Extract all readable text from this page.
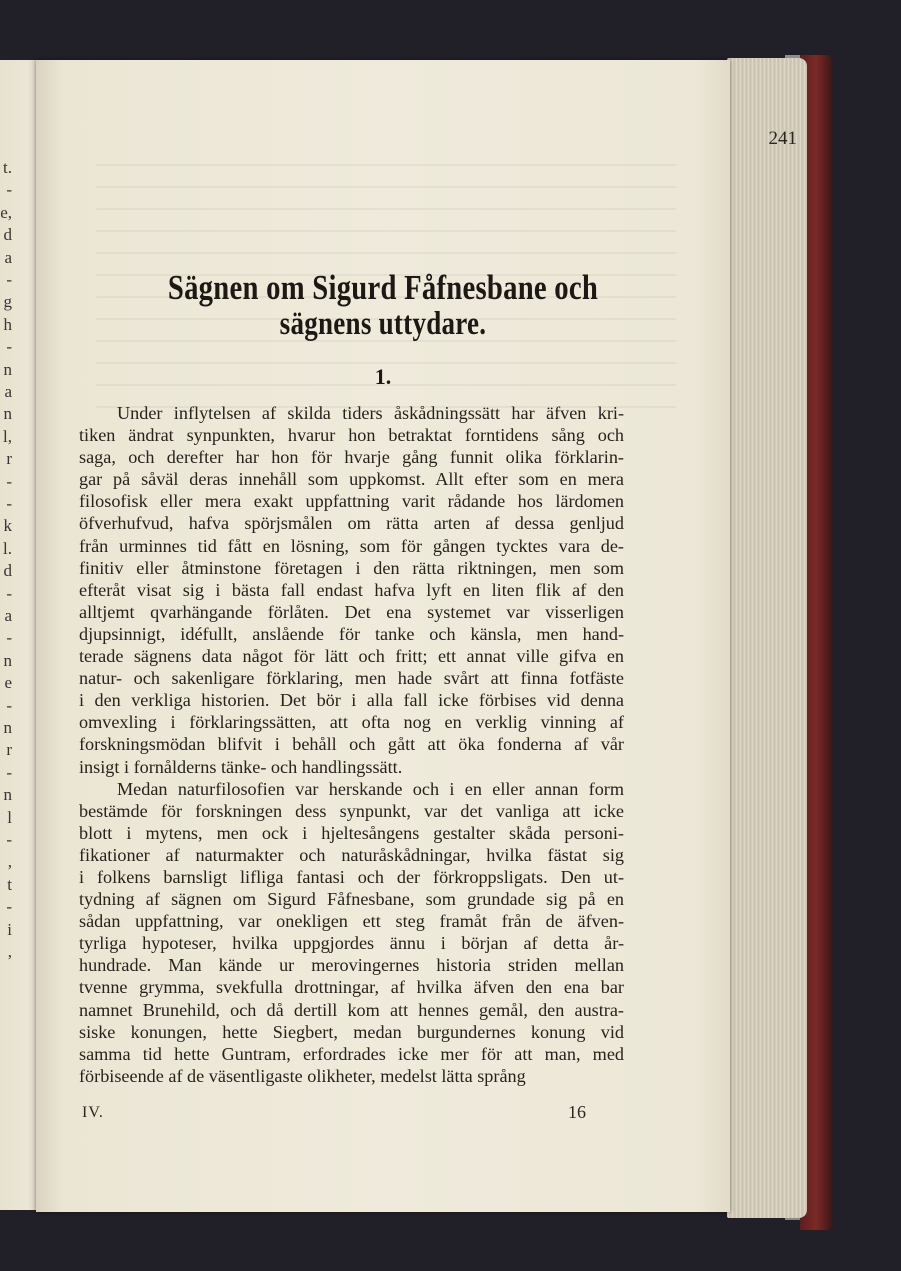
t.
-
e,
d
a
-
g
h
-
n
a
n
l,
r
-
-
k
l.
d
-
a
-
n
e
-
n
r
-
n
l
-
,
t
-
i
,
241
Sägnen om Sigurd Fåfnesbane och
sägnens uttydare.
1.
Under inflytelsen af skilda tiders åskådningssätt har äfven kri-
tiken ändrat synpunkten, hvarur hon betraktat forntidens sång och
saga, och derefter har hon för hvarje gång funnit olika förklarin-
gar på såväl deras innehåll som uppkomst. Allt efter som en mera
filosofisk eller mera exakt uppfattning varit rådande hos lärdomen
öfverhufvud, hafva spörjsmålen om rätta arten af dessa genljud
från urminnes tid fått en lösning, som för gången tycktes vara de-
finitiv eller åtminstone företagen i den rätta riktningen, men som
efteråt visat sig i bästa fall endast hafva lyft en liten flik af den
alltjemt qvarhängande förlåten. Det ena systemet var visserligen
djupsinnigt, idéfullt, anslående för tanke och känsla, men hand-
terade sägnens data något för lätt och fritt; ett annat ville gifva en
natur- och sakenligare förklaring, men hade svårt att finna fotfäste
i den verkliga historien. Det bör i alla fall icke förbises vid denna
omvexling i förklaringssätten, att ofta nog en verklig vinning af
forskningsmödan blifvit i behåll och gått att öka fonderna af vår
insigt i fornålderns tänke- och handlingssätt.
Medan naturfilosofien var herskande och i en eller annan form
bestämde för forskningen dess synpunkt, var det vanliga att icke
blott i mytens, men ock i hjeltesångens gestalter skåda personi-
fikationer af naturmakter och naturåskådningar, hvilka fästat sig
i folkens barnsligt lifliga fantasi och der förkroppsligats. Den ut-
tydning af sägnen om Sigurd Fåfnesbane, som grundade sig på en
sådan uppfattning, var onekligen ett steg framåt från de äfven-
tyrliga hypoteser, hvilka uppgjordes ännu i början af detta år-
hundrade. Man kände ur merovingernes historia striden mellan
tvenne grymma, svekfulla drottningar, af hvilka äfven den ena bar
namnet Brunehild, och då dertill kom att hennes gemål, den austra-
siske konungen, hette Siegbert, medan burgundernes konung vid
samma tid hette Guntram, erfordrades icke mer för att man, med
förbiseende af de väsentligaste olikheter, medelst lätta språng
IV.	16
